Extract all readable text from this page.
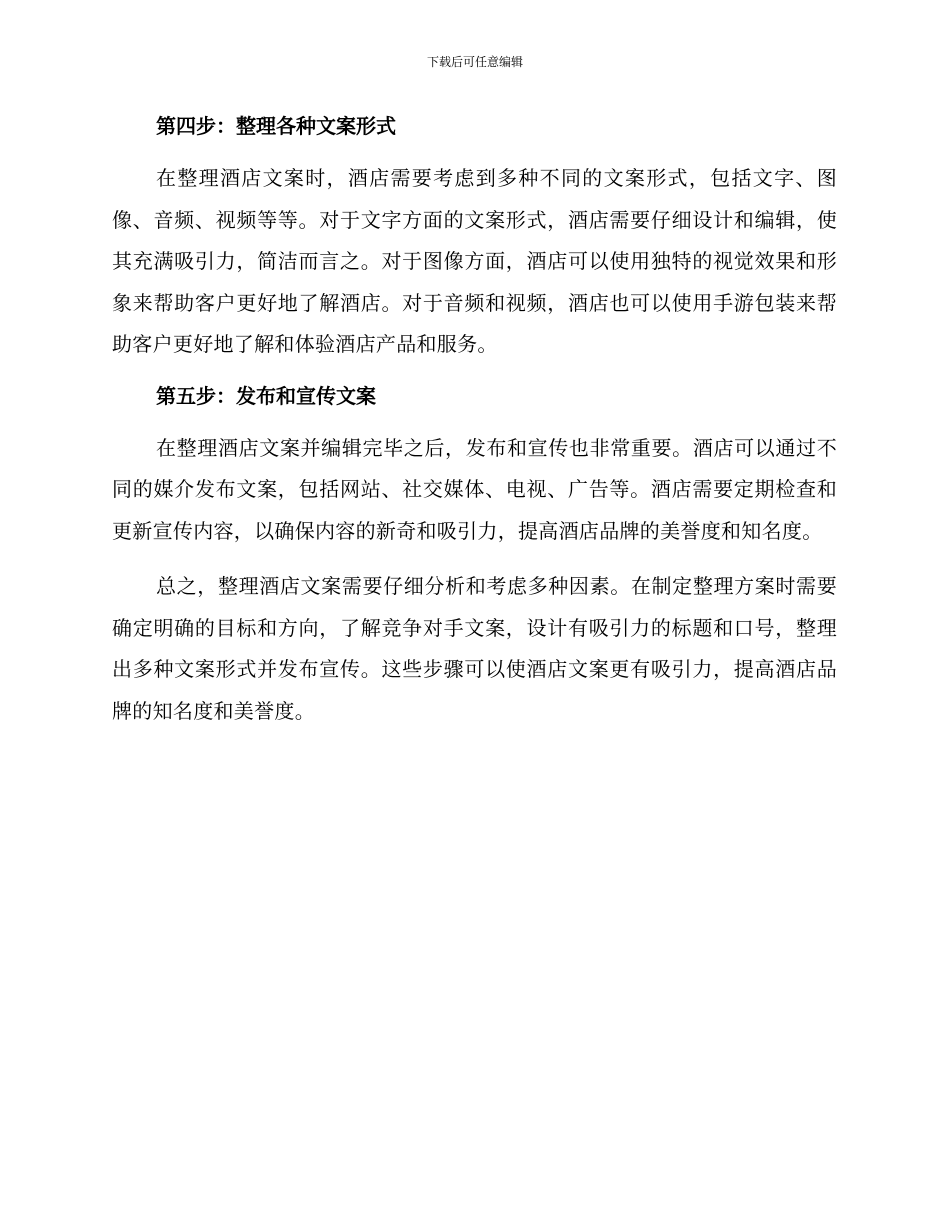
下载后可任意编辑
第四步：整理各种文案形式

在整理酒店文案时，酒店需要考虑到多种不同的文案形式，包括文字、图像、音频、视频等等。对于文字方面的文案形式，酒店需要仔细设计和编辑，使其充满吸引力，简洁而言之。对于图像方面，酒店可以使用独特的视觉效果和形象来帮助客户更好地了解酒店。对于音频和视频，酒店也可以使用手游包装来帮助客户更好地了解和体验酒店产品和服务。

第五步：发布和宣传文案

在整理酒店文案并编辑完毕之后，发布和宣传也非常重要。酒店可以通过不同的媒介发布文案，包括网站、社交媒体、电视、广告等。酒店需要定期检查和更新宣传内容，以确保内容的新奇和吸引力，提高酒店品牌的美誉度和知名度。

总之，整理酒店文案需要仔细分析和考虑多种因素。在制定整理方案时需要确定明确的目标和方向，了解竞争对手文案，设计有吸引力的标题和口号，整理出多种文案形式并发布宣传。这些步骤可以使酒店文案更有吸引力，提高酒店品牌的知名度和美誉度。
